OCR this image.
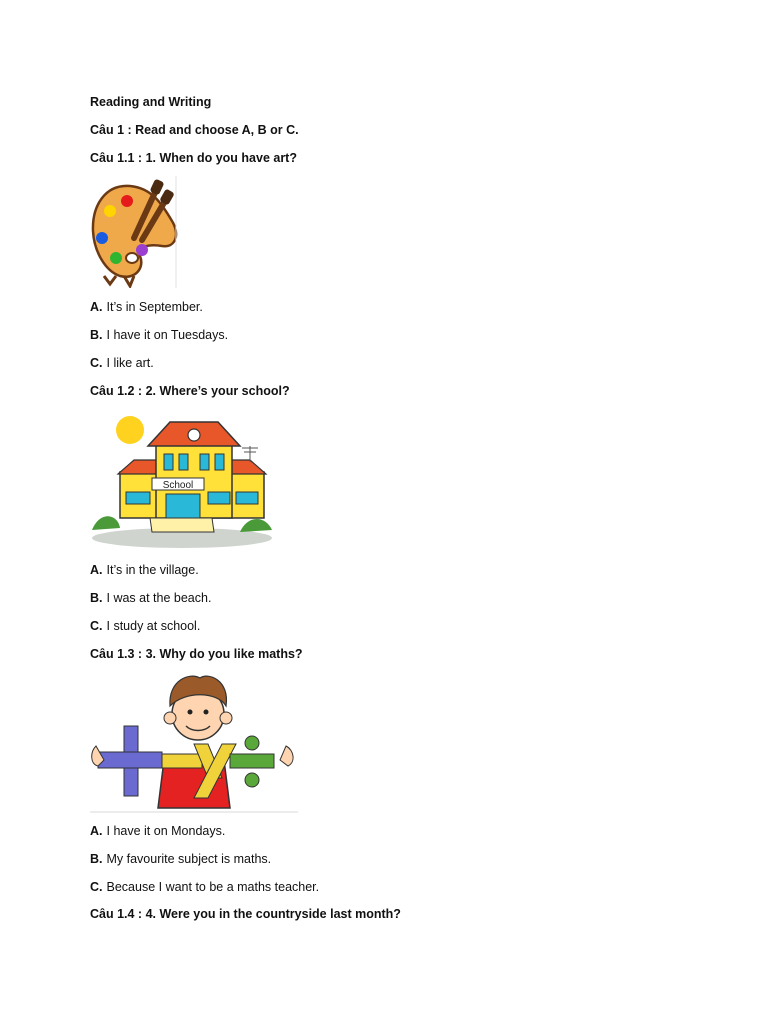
Reading and Writing
Câu 1 : Read and choose A, B or C.
Câu 1.1 : 1. When do you have art?
A. It’s in September.
B. I have it on Tuesdays.
C. I like art.
Câu 1.2 : 2. Where’s your school?
School
A. It’s in the village.
B. I was at the beach.
C. I study at school.
Câu 1.3 : 3. Why do you like maths?
A. I have it on Mondays.
B. My favourite subject is maths.
C. Because I want to be a maths teacher.
Câu 1.4 : 4. Were you in the countryside last month?
